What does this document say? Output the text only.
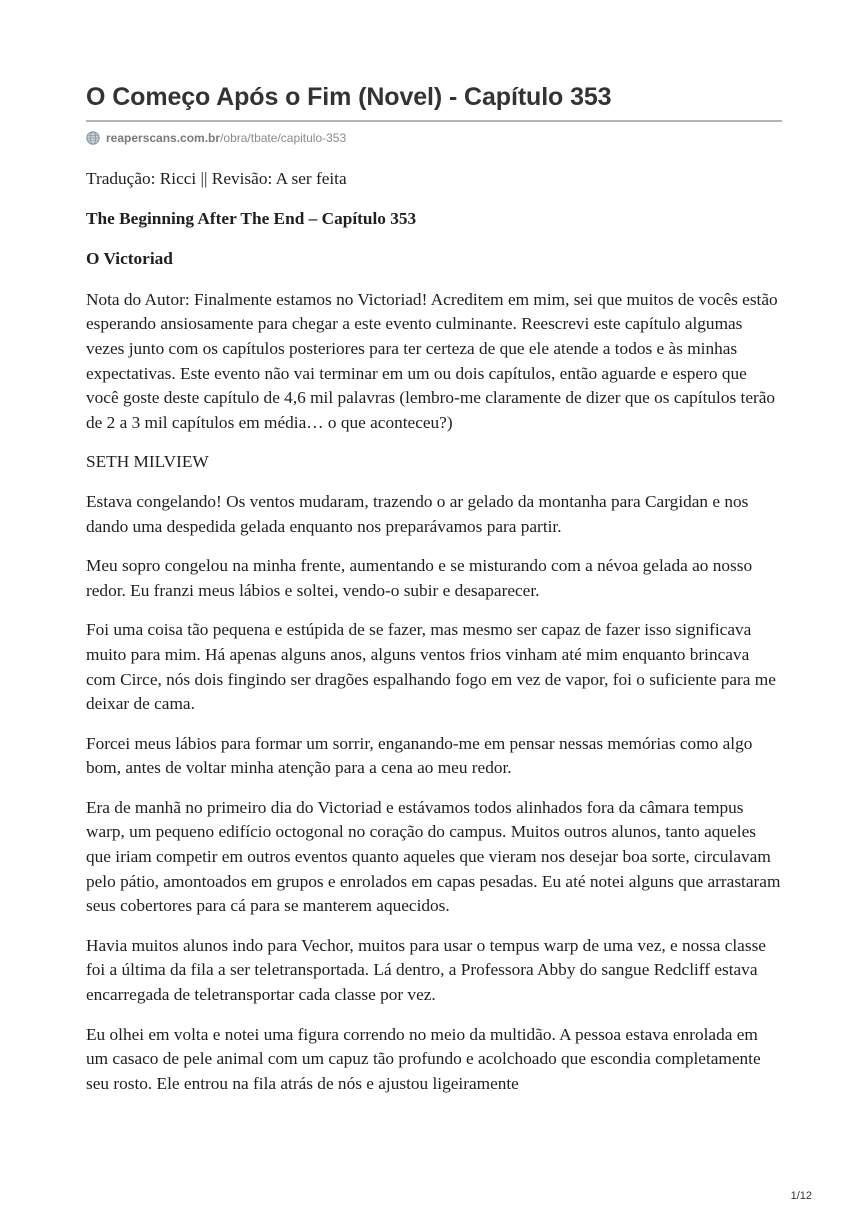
O Começo Após o Fim (Novel) - Capítulo 353
reaperscans.com.br /obra/tbate/capitulo-353

Tradução: Ricci || Revisão: A ser feita

The Beginning After The End – Capítulo 353

O Victoriad

Nota do Autor: Finalmente estamos no Victoriad! Acreditem em mim, sei que muitos de vocês estão esperando ansiosamente para chegar a este evento culminante. Reescrevi este capítulo algumas vezes junto com os capítulos posteriores para ter certeza de que ele atende a todos e às minhas expectativas. Este evento não vai terminar em um ou dois capítulos, então aguarde e espero que você goste deste capítulo de 4,6 mil palavras (lembro-me claramente de dizer que os capítulos terão de 2 a 3 mil capítulos em média… o que aconteceu?)

SETH MILVIEW

Estava congelando! Os ventos mudaram, trazendo o ar gelado da montanha para Cargidan e nos dando uma despedida gelada enquanto nos preparávamos para partir.

Meu sopro congelou na minha frente, aumentando e se misturando com a névoa gelada ao nosso redor. Eu franzi meus lábios e soltei, vendo-o subir e desaparecer.

Foi uma coisa tão pequena e estúpida de se fazer, mas mesmo ser capaz de fazer isso significava muito para mim. Há apenas alguns anos, alguns ventos frios vinham até mim enquanto brincava com Circe, nós dois fingindo ser dragões espalhando fogo em vez de vapor, foi o suficiente para me deixar de cama.

Forcei meus lábios para formar um sorrir, enganando-me em pensar nessas memórias como algo bom, antes de voltar minha atenção para a cena ao meu redor.

Era de manhã no primeiro dia do Victoriad e estávamos todos alinhados fora da câmara tempus warp, um pequeno edifício octogonal no coração do campus. Muitos outros alunos, tanto aqueles que iriam competir em outros eventos quanto aqueles que vieram nos desejar boa sorte, circulavam pelo pátio, amontoados em grupos e enrolados em capas pesadas. Eu até notei alguns que arrastaram seus cobertores para cá para se manterem aquecidos.

Havia muitos alunos indo para Vechor, muitos para usar o tempus warp de uma vez, e nossa classe foi a última da fila a ser teletransportada. Lá dentro, a Professora Abby do sangue Redcliff estava encarregada de teletransportar cada classe por vez.

Eu olhei em volta e notei uma figura correndo no meio da multidão. A pessoa estava enrolada em um casaco de pele animal com um capuz tão profundo e acolchoado que escondia completamente seu rosto. Ele entrou na fila atrás de nós e ajustou ligeiramente

1/12
